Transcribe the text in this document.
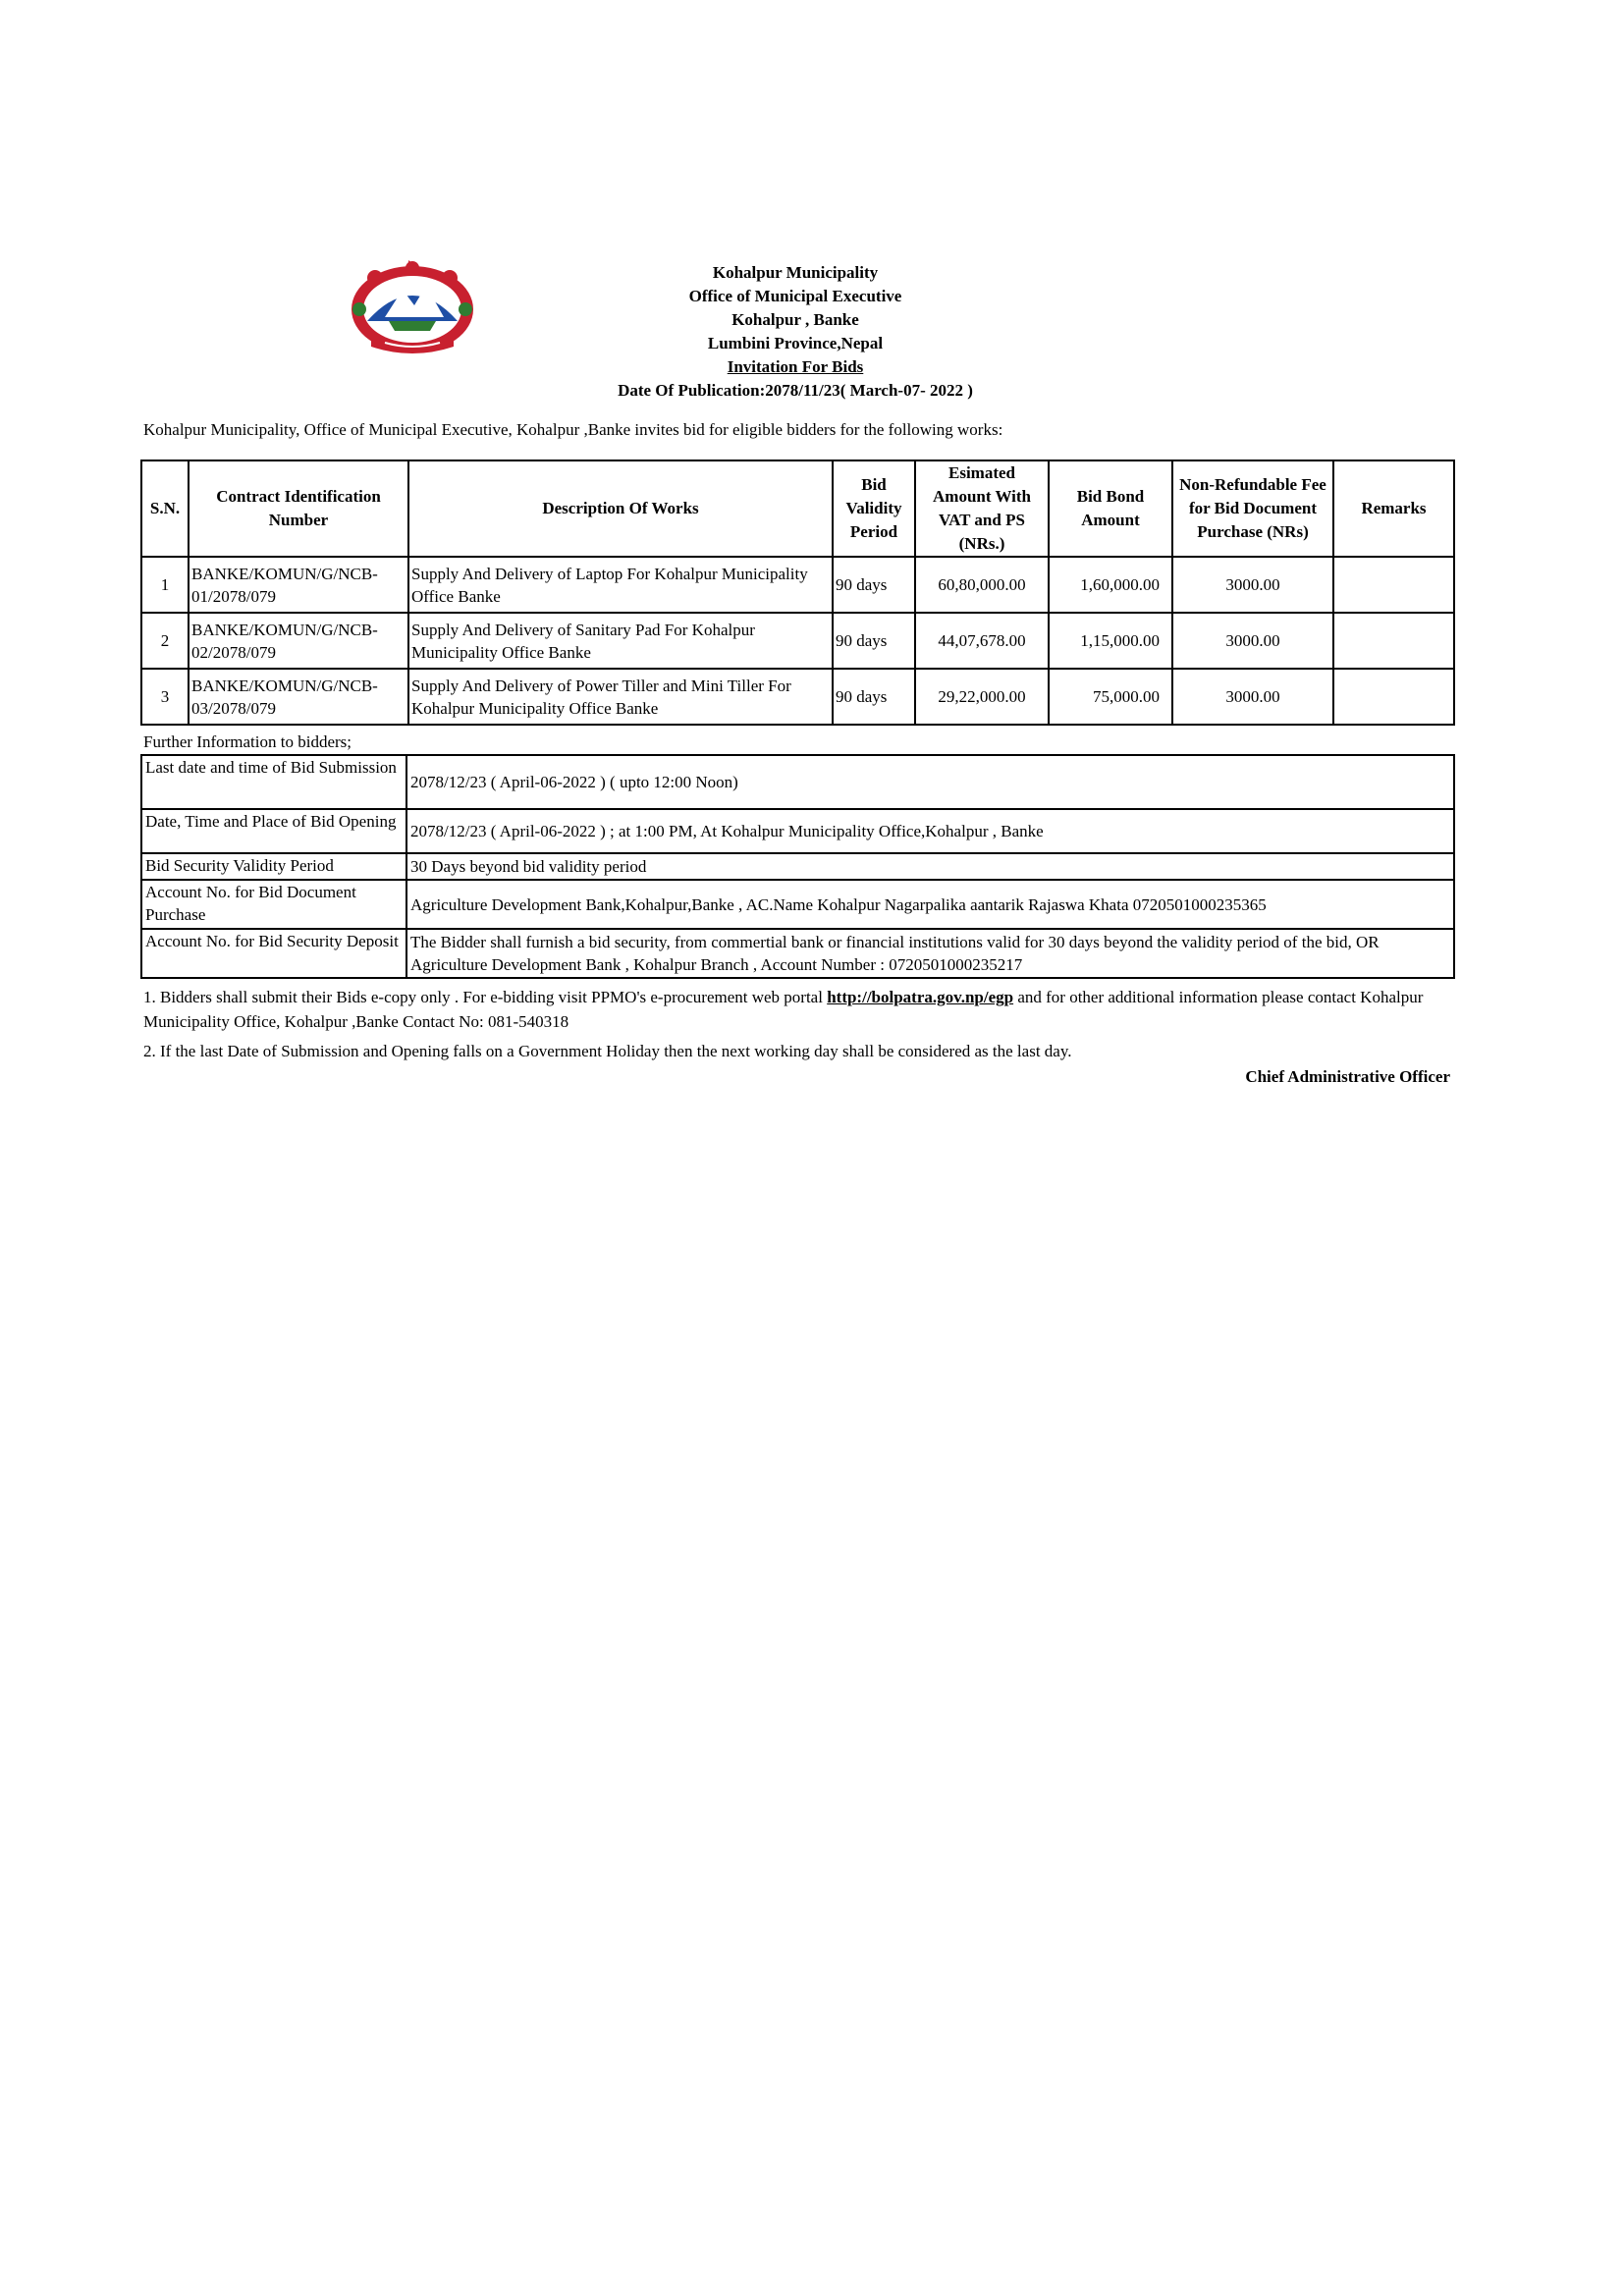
Kohalpur Municipality
Office of Municipal Executive
Kohalpur , Banke
Lumbini Province,Nepal
Invitation For Bids
Date Of Publication:2078/11/23( March-07- 2022 )
Kohalpur Municipality, Office of Municipal Executive, Kohalpur ,Banke invites bid for eligible bidders for the following works:
S.N.	Contract Identification Number	Description Of Works	Bid Validity Period	Esimated Amount With VAT and PS (NRs.)	Bid Bond Amount	Non-Refundable Fee for Bid Document Purchase (NRs)	Remarks
1	BANKE/KOMUN/G/NCB-01/2078/079	Supply And Delivery of Laptop For Kohalpur Municipality Office Banke	90 days	60,80,000.00	1,60,000.00	3000.00	
2	BANKE/KOMUN/G/NCB-02/2078/079	Supply And Delivery of Sanitary Pad For Kohalpur Municipality Office Banke	90 days	44,07,678.00	1,15,000.00	3000.00	
3	BANKE/KOMUN/G/NCB-03/2078/079	Supply And Delivery of Power Tiller and Mini Tiller For Kohalpur Municipality Office Banke	90 days	29,22,000.00	75,000.00	3000.00	
Further Information to bidders;
Last date and time of Bid Submission	2078/12/23 ( April-06-2022 ) ( upto 12:00 Noon)
Date, Time and Place of Bid Opening	2078/12/23 ( April-06-2022 ) ; at 1:00 PM, At Kohalpur Municipality Office,Kohalpur , Banke
Bid Security Validity Period	30 Days beyond bid validity period
Account No. for Bid Document Purchase	Agriculture Development Bank,Kohalpur,Banke , AC.Name Kohalpur Nagarpalika aantarik Rajaswa Khata 0720501000235365
Account No. for Bid Security Deposit	The Bidder shall furnish a bid security, from commertial bank or financial institutions valid for 30 days beyond the validity period of the bid, OR Agriculture Development Bank , Kohalpur Branch , Account Number : 0720501000235217
1. Bidders shall submit their Bids e-copy only . For e-bidding visit PPMO's e-procurement web portal http://bolpatra.gov.np/egp and for other additional information please contact Kohalpur Municipality Office, Kohalpur ,Banke Contact No: 081-540318
2. If the last Date of Submission and Opening falls on a Government Holiday then the next working day shall be considered as the last day.
Chief Administrative Officer
